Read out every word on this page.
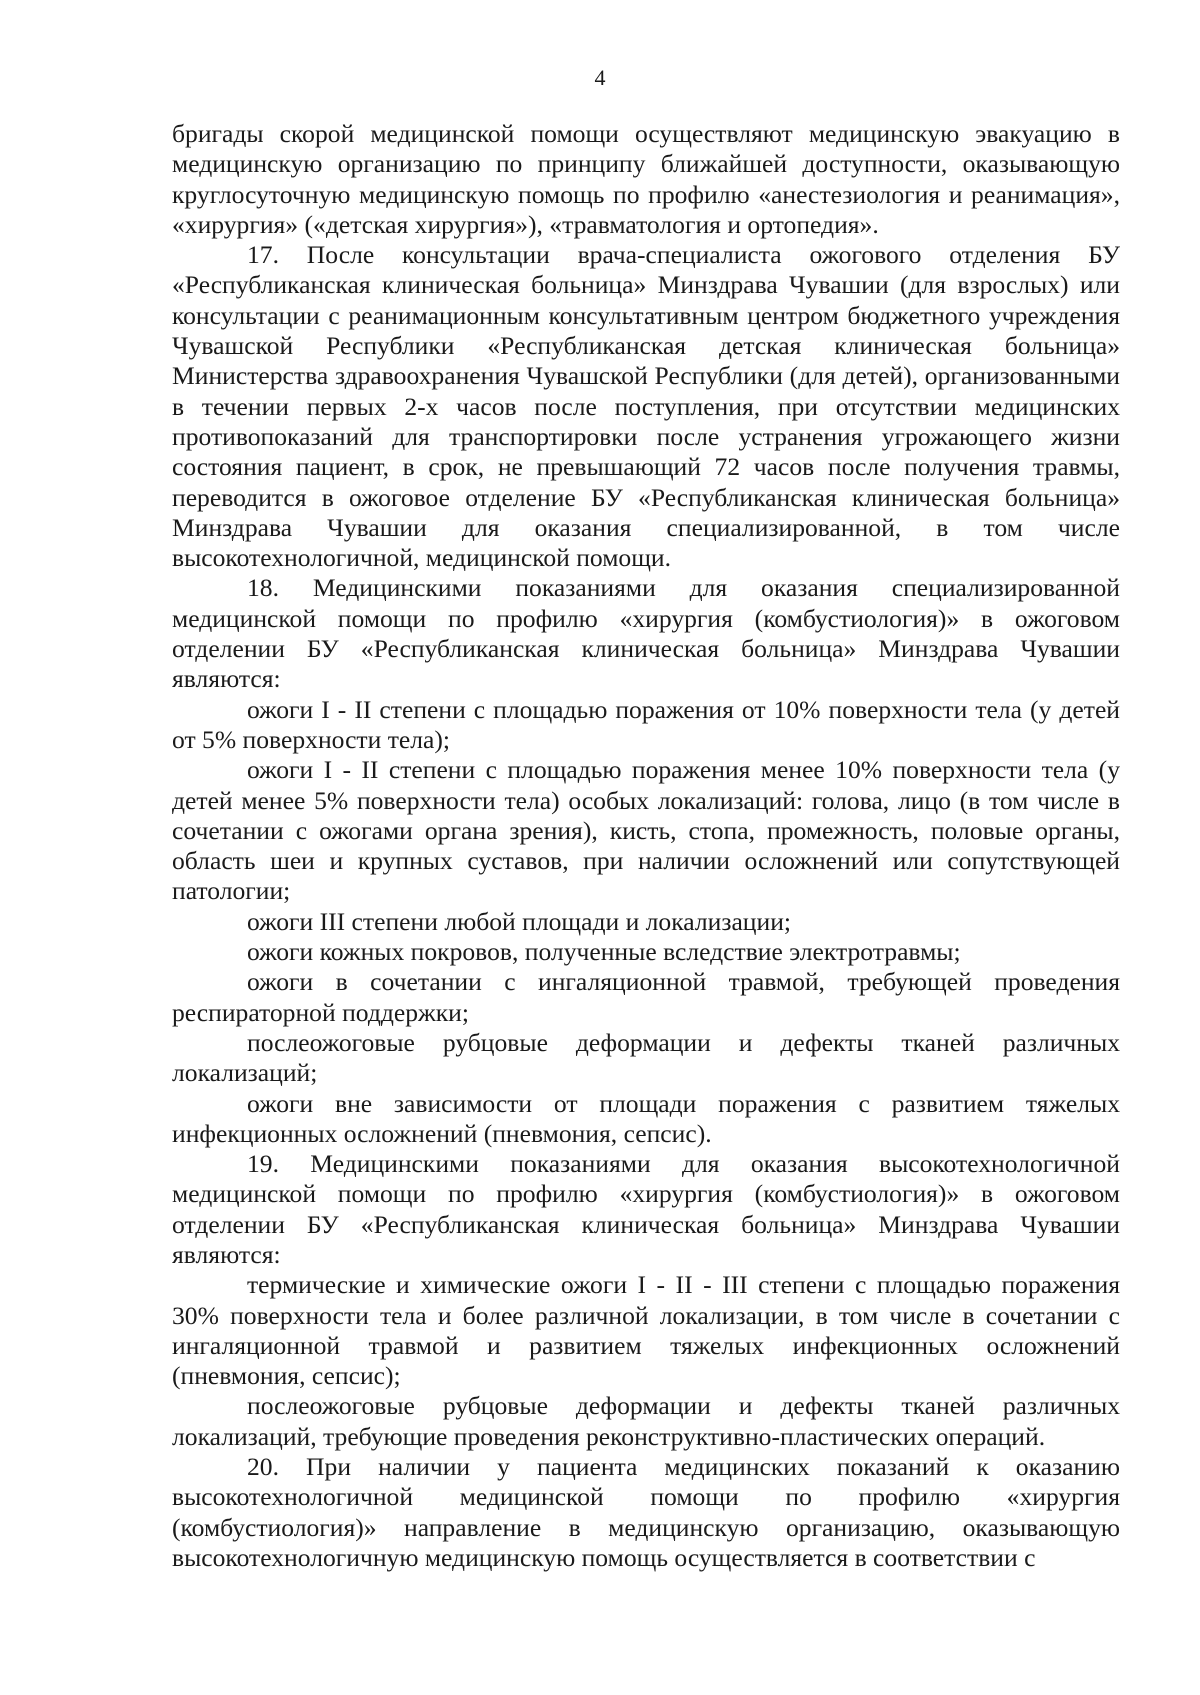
4

бригады скорой медицинской помощи осуществляют медицинскую эвакуацию в медицинскую организацию по принципу ближайшей доступности, оказывающую круглосуточную медицинскую помощь по профилю «анестезиология и реанимация», «хирургия» («детская хирургия»), «травматология и ортопедия».

17. После консультации врача-специалиста ожогового отделения БУ «Республиканская клиническая больница» Минздрава Чувашии (для взрослых) или консультации с реанимационным консультативным центром бюджетного учреждения Чувашской Республики «Республиканская детская клиническая больница» Министерства здравоохранения Чувашской Республики (для детей), организованными в течении первых 2-х часов после поступления, при отсутствии медицинских противопоказаний для транспортировки после устранения угрожающего жизни состояния пациент, в срок, не превышающий 72 часов после получения травмы, переводится в ожоговое отделение БУ «Республиканская клиническая больница» Минздрава Чувашии для оказания специализированной, в том числе высокотехнологичной, медицинской помощи.

18. Медицинскими показаниями для оказания специализированной медицинской помощи по профилю «хирургия (комбустиология)» в ожоговом отделении БУ «Республиканская клиническая больница» Минздрава Чувашии являются:

ожоги I - II степени с площадью поражения от 10% поверхности тела (у детей от 5% поверхности тела);

ожоги I - II степени с площадью поражения менее 10% поверхности тела (у детей менее 5% поверхности тела) особых локализаций: голова, лицо (в том числе в сочетании с ожогами органа зрения), кисть, стопа, промежность, половые органы, область шеи и крупных суставов, при наличии осложнений или сопутствующей патологии;

ожоги III степени любой площади и локализации;

ожоги кожных покровов, полученные вследствие электротравмы;

ожоги в сочетании с ингаляционной травмой, требующей проведения респираторной поддержки;

послеожоговые рубцовые деформации и дефекты тканей различных локализаций;

ожоги вне зависимости от площади поражения с развитием тяжелых инфекционных осложнений (пневмония, сепсис).

19. Медицинскими показаниями для оказания высокотехнологичной медицинской помощи по профилю «хирургия (комбустиология)» в ожоговом отделении БУ «Республиканская клиническая больница» Минздрава Чувашии являются:

термические и химические ожоги I - II - III степени с площадью поражения 30% поверхности тела и более различной локализации, в том числе в сочетании с ингаляционной травмой и развитием тяжелых инфекционных осложнений (пневмония, сепсис);

послеожоговые рубцовые деформации и дефекты тканей различных локализаций, требующие проведения реконструктивно-пластических операций.

20. При наличии у пациента медицинских показаний к оказанию высокотехнологичной медицинской помощи по профилю «хирургия (комбустиология)» направление в медицинскую организацию, оказывающую высокотехнологичную медицинскую помощь осуществляется в соответствии с
